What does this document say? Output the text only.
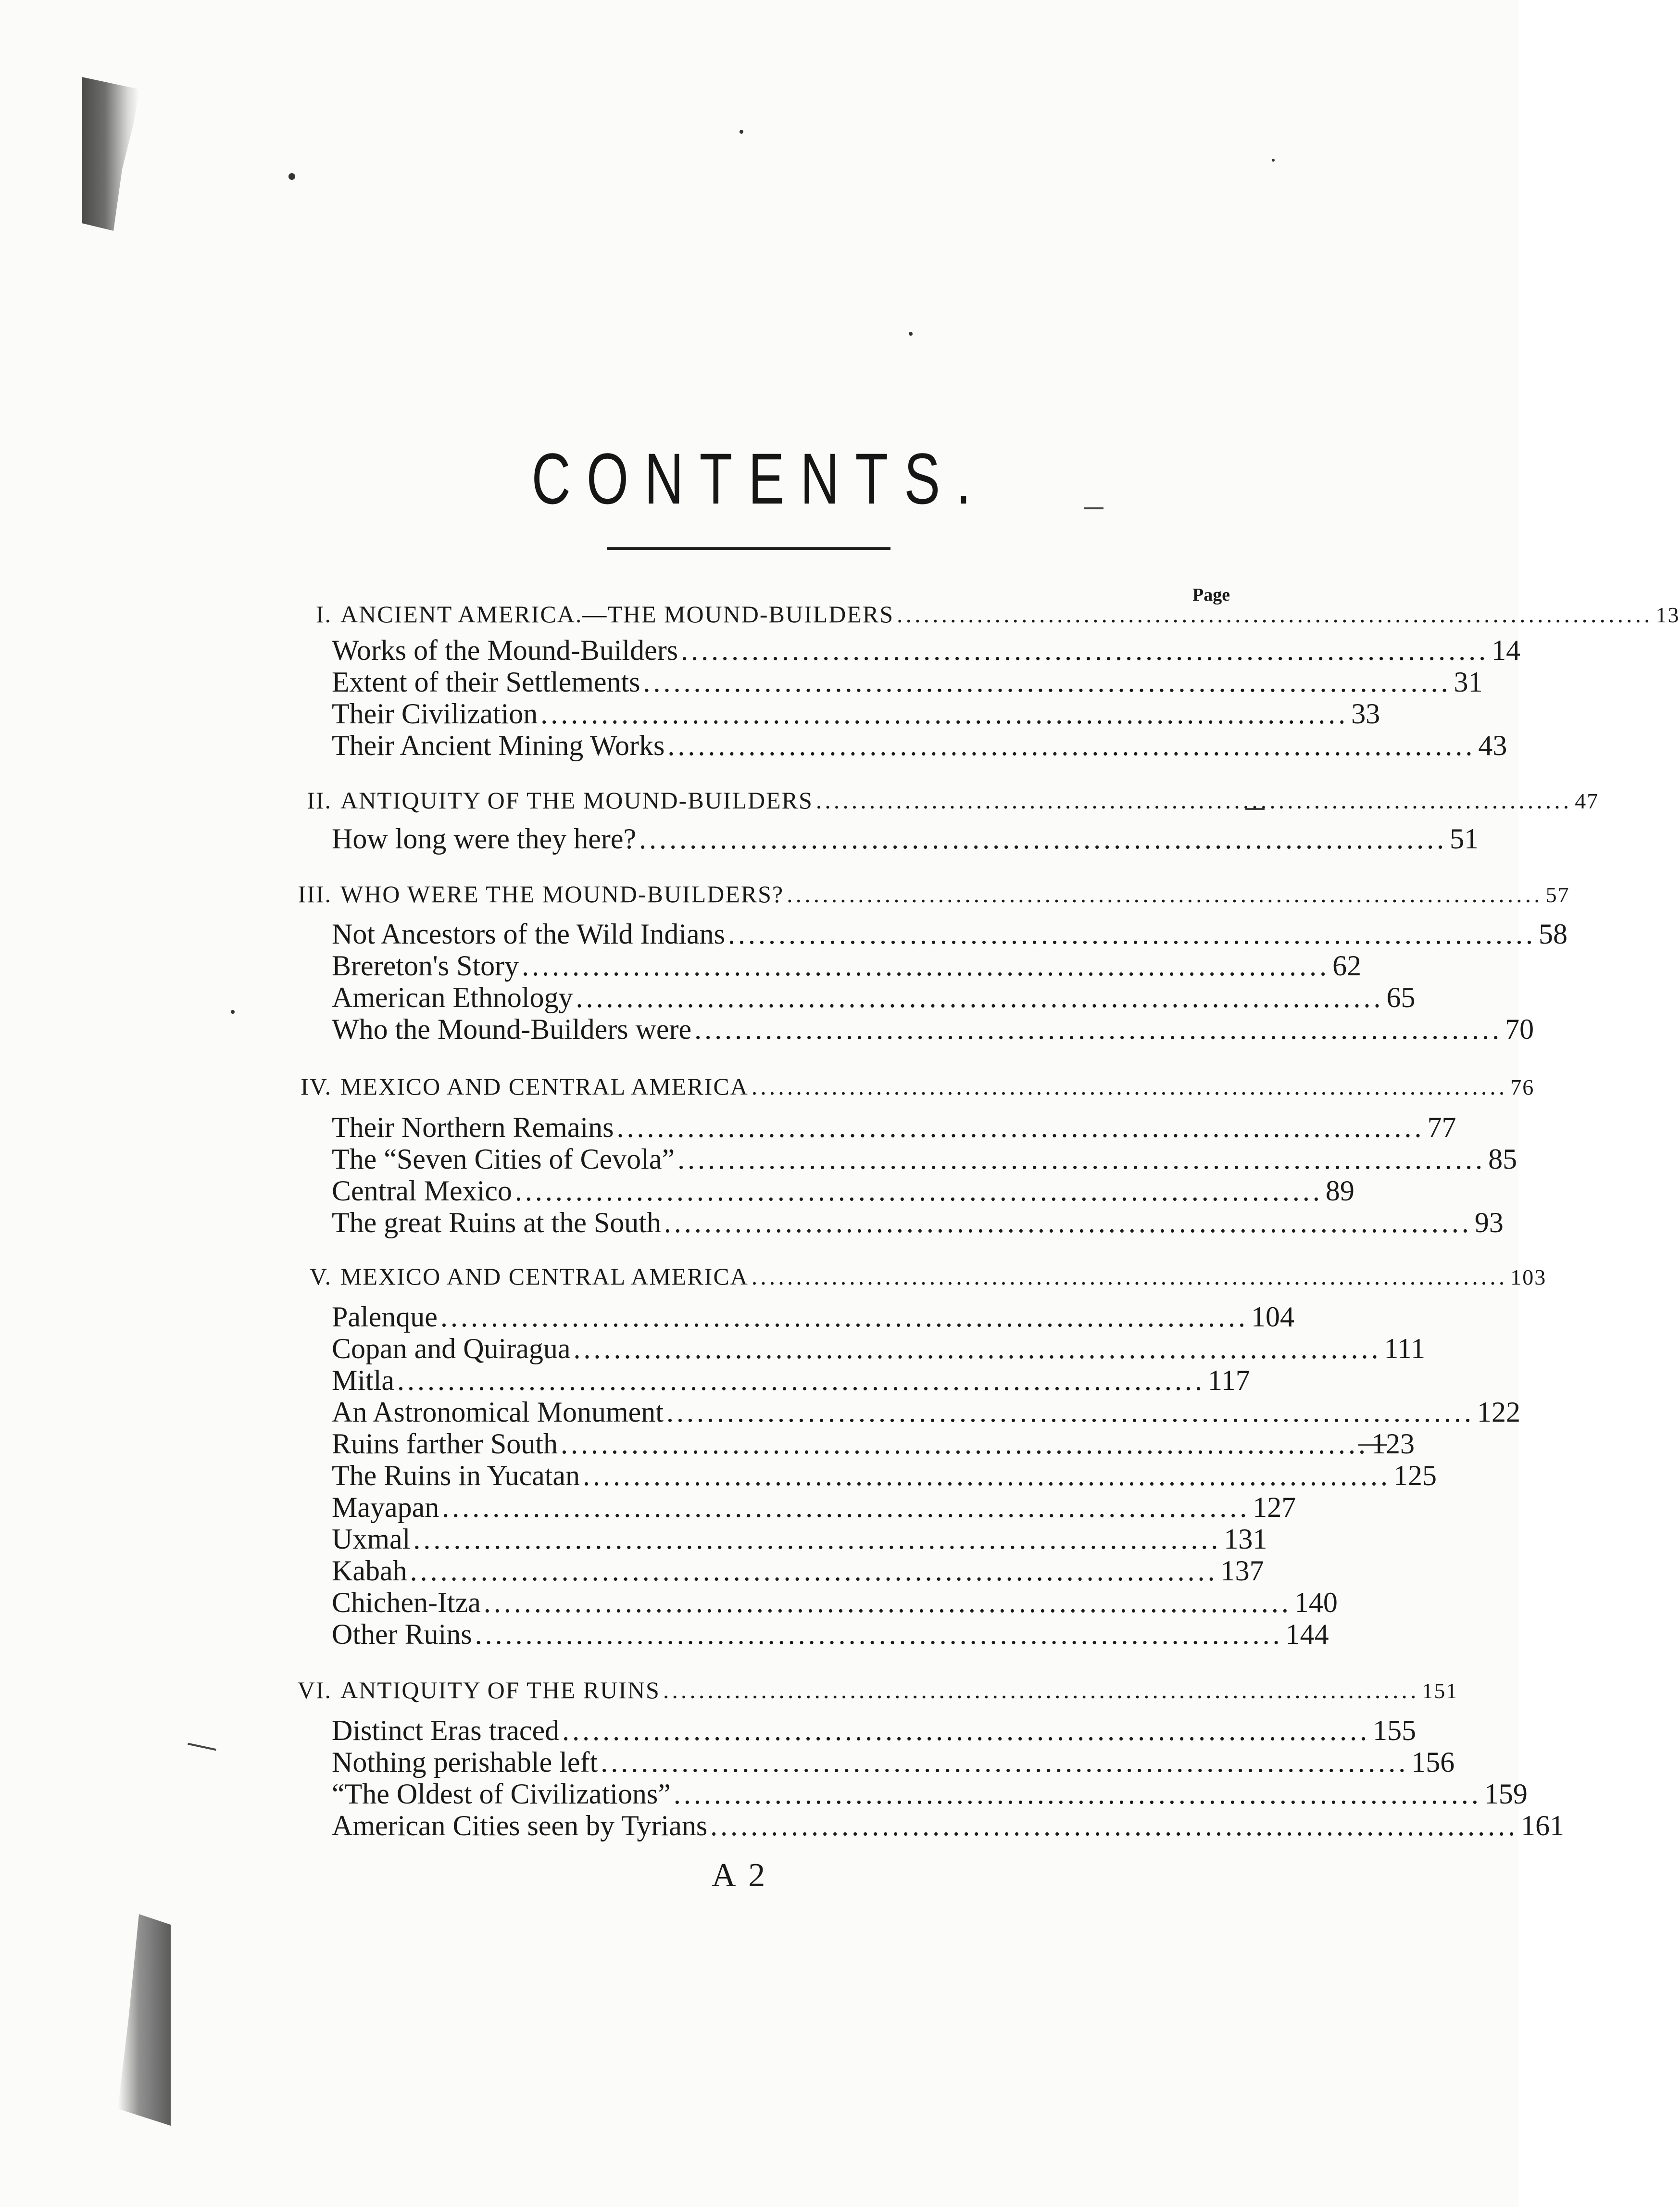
CONTENTS.
Page
I. ANCIENT AMERICA.—THE MOUND-BUILDERS ..................................................................................... 13
Works of the Mound-Builders ................................................................................ 14
Extent of their Settlements ................................................................................ 31
Their Civilization ................................................................................ 33
Their Ancient Mining Works ................................................................................ 43
II. ANTIQUITY OF THE MOUND-BUILDERS ..................................................................................... 47
How long were they here? ................................................................................ 51
III. WHO WERE THE MOUND-BUILDERS? ..................................................................................... 57
Not Ancestors of the Wild Indians ................................................................................ 58
Brereton's Story ................................................................................ 62
American Ethnology ................................................................................ 65
Who the Mound-Builders were ................................................................................ 70
IV. MEXICO AND CENTRAL AMERICA ..................................................................................... 76
Their Northern Remains ................................................................................ 77
The “Seven Cities of Cevola” ................................................................................ 85
Central Mexico ................................................................................ 89
The great Ruins at the South ................................................................................ 93
V. MEXICO AND CENTRAL AMERICA ..................................................................................... 103
Palenque ................................................................................ 104
Copan and Quiragua ................................................................................ 111
Mitla ................................................................................ 117
An Astronomical Monument ................................................................................ 122
Ruins farther South ................................................................................ 123
The Ruins in Yucatan ................................................................................ 125
Mayapan ................................................................................ 127
Uxmal ................................................................................ 131
Kabah ................................................................................ 137
Chichen-Itza ................................................................................ 140
Other Ruins ................................................................................ 144
VI. ANTIQUITY OF THE RUINS ..................................................................................... 151
Distinct Eras traced ................................................................................ 155
Nothing perishable left ................................................................................ 156
“The Oldest of Civilizations” ................................................................................ 159
American Cities seen by Tyrians ................................................................................ 161
A 2
